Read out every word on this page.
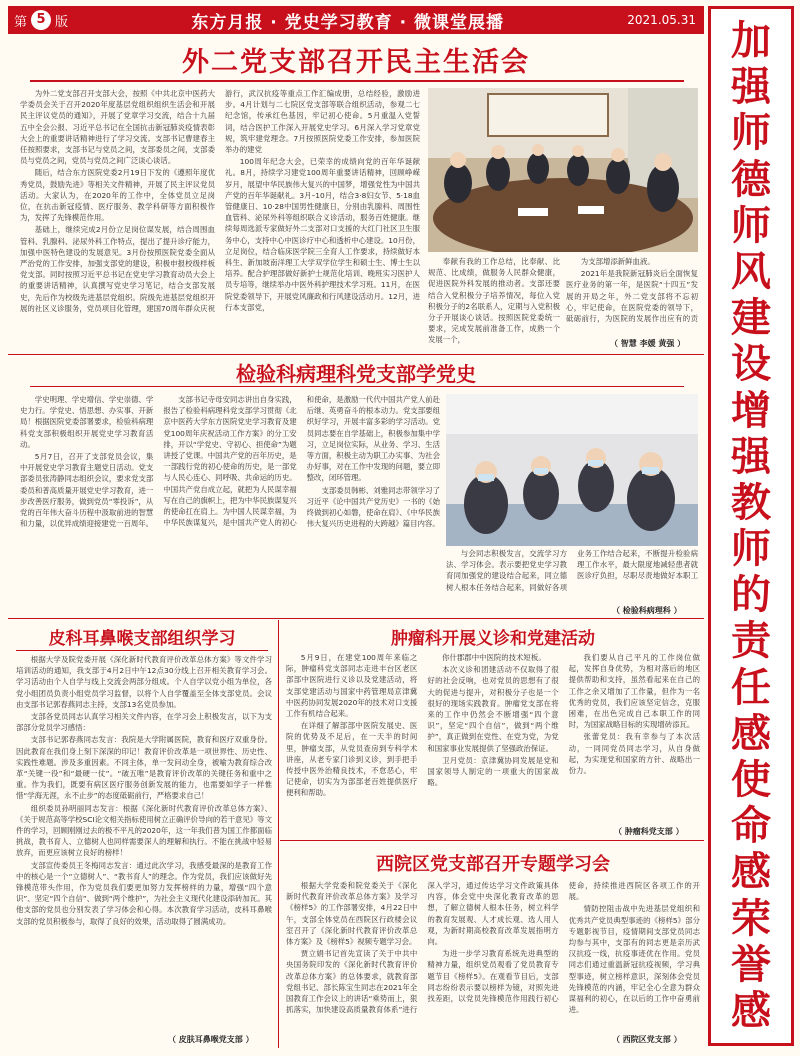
第 5 版	东方月报 · 党史学习教育 · 微课堂展播	2021.05.31 加
强
师
德
师
风
建
设
增
强
教
师
的
责
任
感
使
命
感
荣
誉
感
外二党支部召开民主生活会

为外二党支部召开支部大会，按照《中共北京中医药大学委员会关于召开2020年度基层党组织组织生活会和开展民主评议党员的通知》，开展了党章学习交流，结合十九届五中全会公报、习近平总书记在全国抗击新冠肺炎疫情表彰大会上的重要讲话精神进行了学习交流。支部书记曹建春主任按照要求，支部书记与党员之间，支部委员之间，支部委员与党员之间，党员与党员之间广泛谈心谈话。

随后，结合东方医院党委2月19日下发的《遵照年度优秀党员，鼓励先进》等相关文件精神，开展了民主评议党员活动。大家认为，在2020年的工作中，全体党员立足岗位，在抗击新冠疫情、医疗服务、教学科研等方面积极作为，发挥了先锋模范作用。

基础上，继续完成2月份立足岗位谋发展，结合周围血管科、乳腺科、泌尿外科工作特点，提出了提升诊疗能力，加强中医特色建设的发展意见。3月份按照医院党委全面从严治党的工作安排，加强支部党的建设，积极申报校级样板党支部。同时按照习近平总书记在党史学习教育动员大会上的重要讲话精神，认真撰写党史学习笔记，结合支部发展史，先后作为校级先进基层党组织。院级先进基层党组织开展的社区义诊服务，党员项目化管理，建国70周年群众庆祝游行，武汉抗疫等重点工作汇编成册，总结经验，激励进步。4月计划与二七院区党支部等联合组织活动，参观二七纪念馆，传承红色基因，牢记初心使命。5月重温入党誓词，结合医护工作深入开展党史学习。6月深入学习党章党规，筑牢建党理念。7月按照医院党委工作安排，参加医院举办的建党

100周年纪念大会，已荣幸的成绩向党的百年华诞献礼。8月，持续学习建党100周年重要讲话精神，回顾峥嵘岁月，展望中华民族伟大复兴的中国梦，增强党性为中国共产党的百年华诞献礼。3月–10月，结合3·8妇女节、5·18血管健康日、10·28中国男性健康日，分别由乳腺科、周围性血管科、泌尿外科等组织联合义诊活动，服务百姓健康。继续每周选派专家做好外二支部对口支援的大红门社区卫生服务中心，支持中心中医诊疗中心和透析中心建设。10月份，立足岗位，结合临床医学院三全育人工作要求，持续做好本科生、新加坡南洋理工大学双学位学生和硕士生、博士生以培养。配合护理部做好新护士规范化培训、晚班实习医护人员专培等，继续举办中医外科护理技术学习班。11月，在医院党委领导下，开展党风廉政和行风建设活动月。12月，进行本支部党，

奉献有我的工作总结，比奉献、比规范、比成绩，做服务人民群众健康，促进医院外科发展的推动者。支部还要结合入党积极分子培养情况，每位入党积极分子的2名联系人，定期与入党积极分子开展谈心谈话。按照医院党委统一要求，完成发展前准备工作，成熟一个发展一个，

为支部增添新鲜血液。

2021年是我院新冠肺炎后全面恢复医疗业务的第一年，是医院“十四五”发展的开局之年，外二党支部将不忘初心，牢记使命，在医院党委的领导下，砥砺前行，为医院的发展作出应有的贡

（ 智慧 李媛 黄强 ）
检验科病理科党支部学党史

学史明理、学史增信、学史崇德、学史力行。学党史、悟思想、办实事、开新局！根据医院党委部署要求，检验科病理科党支部积极组织开展党史学习教育活动。

5月7日，召开了支部党员会议，集中开展党史学习教育主题党日活动。党支部委员张涛静同志组织会议，要求党支部委员和普高质量开展党史学习教育，进一步改善医疗服务，做到党员“零投诉”，从党的百年伟大奋斗历程中汲取前进的智慧和力量，以优异成绩迎接建党一百周年。

支部书记寺母安同志讲出自身实践，报告了检验科病理科党支部学习贯彻《北京中医药大学东方医院党史学习教育及建党100周年庆祝活动工作方案》的分工安排，开以“学党史、守初心、担使命”为题讲授了党课。中国共产党的百年历史，是一部践行党的初心使命的历史，是一部党与人民心连心、同呼吸、共命运的历史。中国共产党自成立起，就把为人民谋幸福写在自己的旗帜上，把为中华民族谋复兴的使命扛在肩上。为中国人民谋幸福，为中华民族谋复兴，是中国共产党人的初心和使命，是激励一代代中国共产党人前赴后继、英勇奋斗的根本动力。党支部要组织好学习，开展丰富多彩的学习活动。党员同志要在自学基础上，积极参加集中学习，立足岗位实际，从业务、学习、生活等方面，积极主动为职工办实事、为社会办好事，对在工作中发现的问题，要立即整改，闭环管理。

支部委员韩彬、刘雅同志带领学习了习近平《论中国共产党历史》一书的《始终做到初心如磐，使命在肩》、《中华民族伟大复兴历史进程的大跨越》篇目内容。

与会同志积极发言，交流学习方法、学习体会。表示要把党史学习教育同加强党的建设结合起来，同立德树人根本任务结合起来，同做好各项业务工作结合起来，不断提升检验病理工作水平，最大限度地减轻患者就医诊疗负担，尽职尽责地做好本职工

（ 检验科病理科 ）
皮科耳鼻喉支部组织学习

根据大学及院党委开展《深化新时代教育评价改革总体方案》等文件学习培训活动的通知，我支部于4月2日中午12点30分线上召开相关教育学习会。学习活动由个人自学与线上交流会两部分组成。个人自学以党小组为单位，各党小组团员负责小组党员学习监督，以将个人自学覆盖至全体支部党员。会议由支部书记郭春燕同志主持，支部13名党员参加。

支部各党员同志认真学习相关文件内容，在学习会上积极发言，以下为支部部分党员学习感悟：

支部书记郭春燕同志发言：我院是大学附属医院，教育和医疗双重身份。因此教育在我们身上刻下深深的印记！教育评价改革是一项世界性、历史性、实践性难题。涉及多重因素。不同主体，单一发问动全身，被喻为教育综合改革“关键一役”和“最硬一仗”。“破五唯”是教育评价改革的关键任务和重中之重。作为我们，既要有病区医疗服务创新发展的能力，也需要如学子一样惟惜“学海无涯，永不止步”的态度砥砺前行，严格要求自己！

组织委员孙明丽同志发言：根据《深化新时代教育评价改革总体方案》、《关于规范高等学校SCI论文相关指标使用树立正确评价导向的若干意见》等文件的学习，回顾刚刚过去的极不平凡的2020年，这一年我们普为国工作都面临挑战，教书育人、立德树人也同样需要深人的理解和执行。不能在挑战中轻易放弃，而更应该树立良好的榜样！

支部宣传委员王冬梅同志发言：通过此次学习，我感受最深的是教育工作中的核心是一个“立德树人”、“教书育人”的理念。作为党员，我们应该做好先锋模范带头作用，作为党员我们要更加努力发挥榜样的力量，增强“四个意识”、坚定“四个自信”、做到“两个维护”，为社会主义现代化建设添砖加瓦。其他支部的党员也分别发表了学习体会和心得。本次教育学习活动，皮科耳鼻喉支部的党员积极参与，取得了良好的效果，活动取得了圆满成功。

（ 皮肤耳鼻喉党支部 ）
肿瘤科开展义诊和党建活动

5月9日，在建党100周年来临之际，肿瘤科党支部同志走进丰台区老区部部中医院进行义诊以及党建活动，将支部党建活动与国家中药管理局京津冀中医药协同发展2020年的技术对口支援工作有机结合起来。

在详细了解部部中医院发展史、医院的优势及不足后，在一天半的时间里，肿瘤支部，从党员查房到专科学术讲座，从老专家门诊到义诊，到手把手传授中医外治精良技术，不怠恶心，牢记使命，切实为为部部老百姓提供医疗便利和帮助。

你什郡郡中中医院的技术短板。

本次义诊和团建活动不仅取得了很好的社会反响，也对党员的思想有了很大的促进与提升，对积极分子也是一个很好的现场实践教育。肿瘤党支部在将来的工作中仍然会不断增强“四个意识”，坚定“四个自信”，做到“两个维护”，真正做到在党性、在党为党，为党和国家事业发展提供了坚强政治保证。

卫月党员：京津冀协同发展是党和国家领导人制定的一项重大的国家战略。

我们要从自己平凡的工作岗位做起，发挥自身优势，为相对落后的地区提供帮助和支持，虽然看起来在自己的工作之余又增加了工作量，但作为一名优秀的党员，我们应该坚定信念，克服困难，在出色完成自己本职工作的同时，为国家战略目标的实现增砖添瓦。

张蕾党员：我有幸参与了本次活动，一同同党员同志学习，从自身做起，为实现党和国家的方针、战略出一份力。

（ 肿瘤科党支部 ）
西院区党支部召开专题学习会

根据大学党委和院党委关于《深化新时代教育评价改革总体方案》及学习《榜样5》的工作部署安排，4月22日中午，支部全体党员在西院区行政楼会议室召开了《深化新时代教育评价改革总体方案》及《榜样5》视频专题学习会。

贾立娟书记首先宣读了关于中共中央国务院印发的《深化新时代教育评价改革总体方案》的总体要求，就教育部党组书记、部长陈宝生同志在2021年全国教育工作会议上的讲话“乘势而上，狠抓落实，加快建设高质量教育体系”进行深入学习，通过传达学习文件政策具体内容，体会党中央深化教育改革的思想，了解立德树人根本任务，树立科学的教育发展观、人才成长观、选人用人观，为新时期高校教育改革发展指明方向。

为进一步学习教育系统先进典型的精神力量，组织党员观看了党员教育专题节目《榜样5》。在观看节目后，支部同志纷纷表示要以榜样为镜，对照先进找差距，以党员先锋模范作用践行初心使命，持续推进西院区各项工作的开展。

情防控阻击战中先进基层党组织和优秀共产党员典型事迹的《榜样5》部分专题影视节目，疫情期间支部党员同志均参与其中，支部有的同志更是亲历武汉抗疫一线，抗疫事迹优在作用。党员同志们通过重温新冠抗疫视频，学习典型事迹，树立榜样意识，深刻体会党员先锋模范的内涵，牢记全心全意为群众谋福利的初心，在以后的工作中奋勇前进。

（ 西院区党支部 ）
